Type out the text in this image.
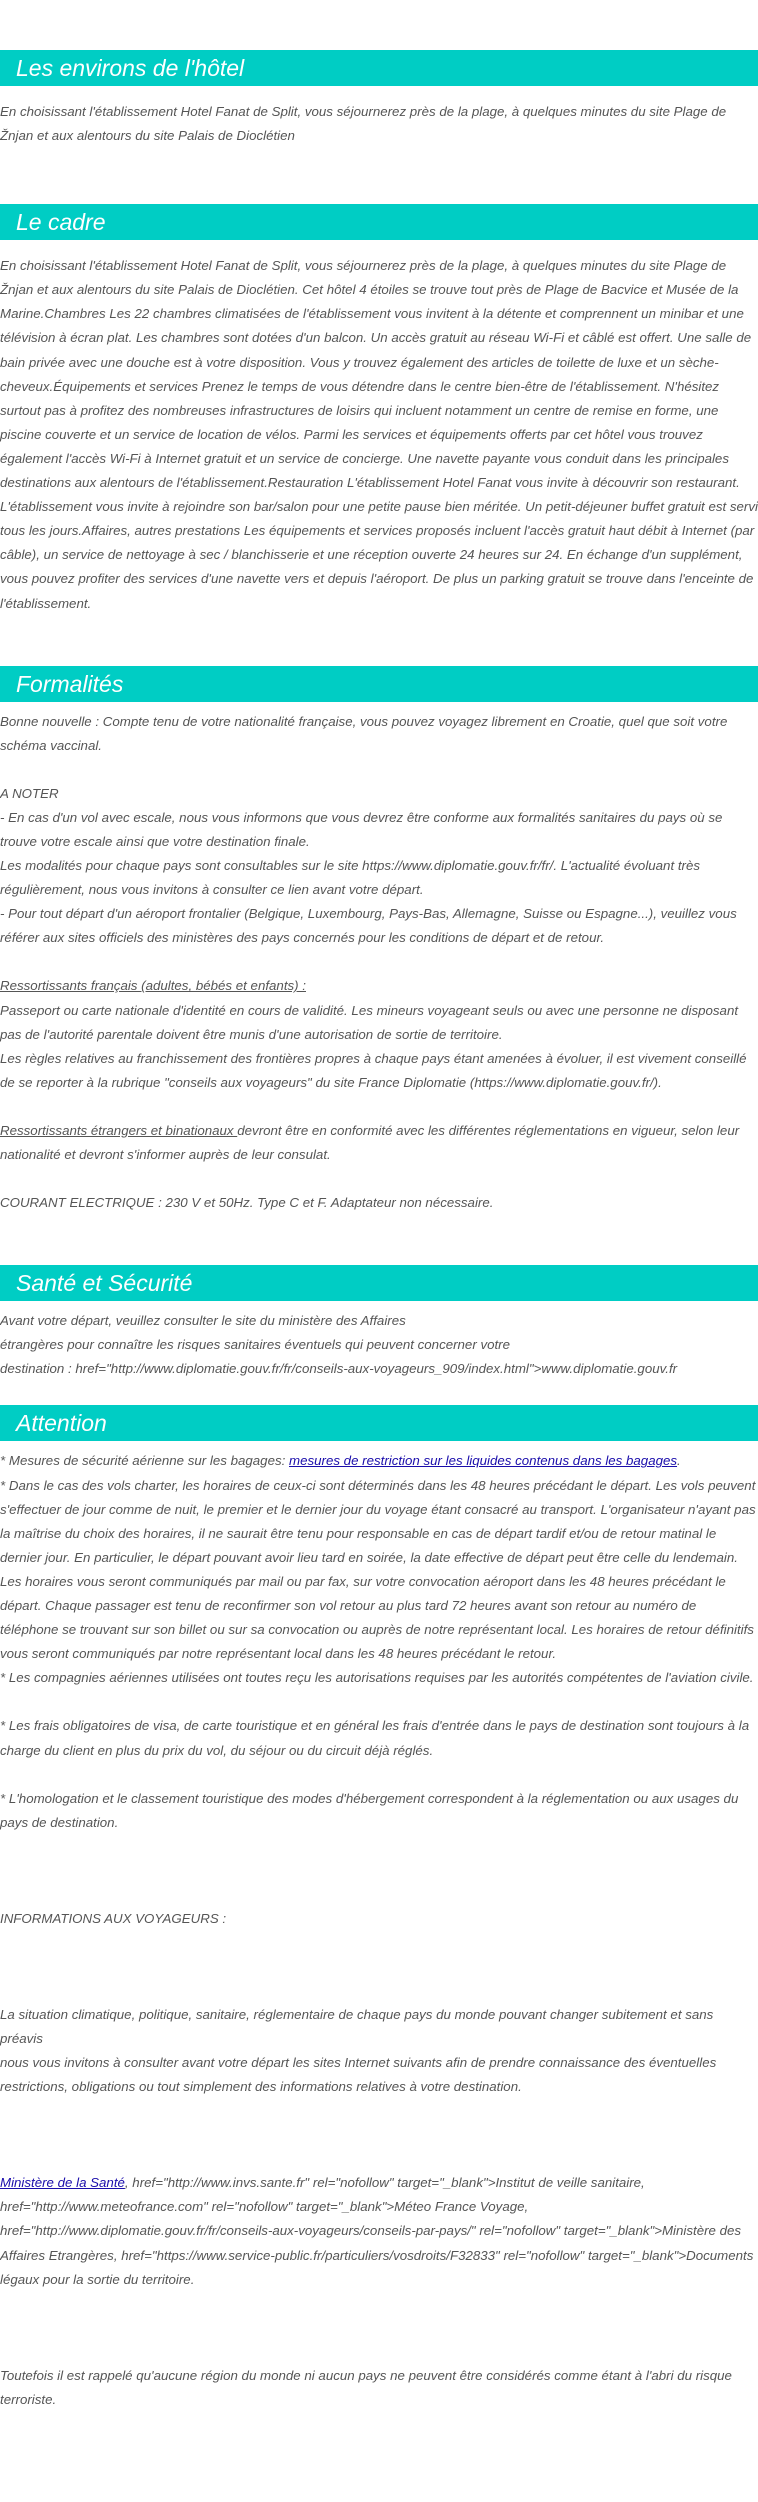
Les environs de l'hôtel

En choisissant l'établissement Hotel Fanat de Split, vous séjournerez près de la plage, à quelques minutes du site Plage de Žnjan et aux alentours du site Palais de Dioclétien

Le cadre

En choisissant l'établissement Hotel Fanat de Split, vous séjournerez près de la plage, à quelques minutes du site Plage de Žnjan et aux alentours du site Palais de Dioclétien. Cet hôtel 4 étoiles se trouve tout près de Plage de Bacvice et Musée de la Marine.Chambres Les 22 chambres climatisées de l'établissement vous invitent à la détente et comprennent un minibar et une télévision à écran plat. Les chambres sont dotées d'un balcon. Un accès gratuit au réseau Wi-Fi et câblé est offert. Une salle de bain privée avec une douche est à votre disposition. Vous y trouvez également des articles de toilette de luxe et un sèche-cheveux.Équipements et services Prenez le temps de vous détendre dans le centre bien-être de l'établissement. N'hésitez surtout pas à profitez des nombreuses infrastructures de loisirs qui incluent notamment un centre de remise en forme, une piscine couverte et un service de location de vélos. Parmi les services et équipements offerts par cet hôtel vous trouvez également l'accès Wi-Fi à Internet gratuit et un service de concierge. Une navette payante vous conduit dans les principales destinations aux alentours de l'établissement.Restauration L'établissement Hotel Fanat vous invite à découvrir son restaurant. L'établissement vous invite à rejoindre son bar/salon pour une petite pause bien méritée. Un petit-déjeuner buffet gratuit est servi tous les jours.Affaires, autres prestations Les équipements et services proposés incluent l'accès gratuit haut débit à Internet (par câble), un service de nettoyage à sec / blanchisserie et une réception ouverte 24 heures sur 24. En échange d'un supplément, vous pouvez profiter des services d'une navette vers et depuis l'aéroport. De plus un parking gratuit se trouve dans l'enceinte de l'établissement.

Formalités
Bonne nouvelle : Compte tenu de votre nationalité française, vous pouvez voyagez librement en Croatie, quel que soit votre schéma vaccinal.
A NOTER
- En cas d'un vol avec escale, nous vous informons que vous devrez être conforme aux formalités sanitaires du pays où se trouve votre escale ainsi que votre destination finale.
Les modalités pour chaque pays sont consultables sur le site https://www.diplomatie.gouv.fr/fr/. L'actualité évoluant très régulièrement, nous vous invitons à consulter ce lien avant votre départ.
- Pour tout départ d'un aéroport frontalier (Belgique, Luxembourg, Pays-Bas, Allemagne, Suisse ou Espagne...), veuillez vous référer aux sites officiels des ministères des pays concernés pour les conditions de départ et de retour.
Ressortissants français (adultes, bébés et enfants) :
Passeport ou carte nationale d'identité en cours de validité. Les mineurs voyageant seuls ou avec une personne ne disposant pas de l'autorité parentale doivent être munis d'une autorisation de sortie de territoire.
Les règles relatives au franchissement des frontières propres à chaque pays étant amenées à évoluer, il est vivement conseillé de se reporter à la rubrique "conseils aux voyageurs" du site France Diplomatie (https://www.diplomatie.gouv.fr/).
Ressortissants étrangers et binationaux devront être en conformité avec les différentes réglementations en vigueur, selon leur nationalité et devront s'informer auprès de leur consulat.
COURANT ELECTRIQUE : 230 V et 50Hz. Type C et F. Adaptateur non nécessaire.
Santé et Sécurité
Avant votre départ, veuillez consulter le site du ministère des Affaires
étrangères pour connaître les risques sanitaires éventuels qui peuvent concerner votre
destination : href="http://www.diplomatie.gouv.fr/fr/conseils-aux-voyageurs_909/index.html">www.diplomatie.gouv.fr
Attention
* Mesures de sécurité aérienne sur les bagages: mesures de restriction sur les liquides contenus dans les bagages.
* Dans le cas des vols charter, les horaires de ceux-ci sont déterminés dans les 48 heures précédant le départ. Les vols peuvent s'effectuer de jour comme de nuit, le premier et le dernier jour du voyage étant consacré au transport. L'organisateur n'ayant pas la maîtrise du choix des horaires, il ne saurait être tenu pour responsable en cas de départ tardif et/ou de retour matinal le dernier jour. En particulier, le départ pouvant avoir lieu tard en soirée, la date effective de départ peut être celle du lendemain. Les horaires vous seront communiqués par mail ou par fax, sur votre convocation aéroport dans les 48 heures précédant le départ. Chaque passager est tenu de reconfirmer son vol retour au plus tard 72 heures avant son retour au numéro de téléphone se trouvant sur son billet ou sur sa convocation ou auprès de notre représentant local. Les horaires de retour définitifs vous seront communiqués par notre représentant local dans les 48 heures précédant le retour.
* Les compagnies aériennes utilisées ont toutes reçu les autorisations requises par les autorités compétentes de l'aviation civile.
* Les frais obligatoires de visa, de carte touristique et en général les frais d'entrée dans le pays de destination sont toujours à la charge du client en plus du prix du vol, du séjour ou du circuit déjà réglés.
* L'homologation et le classement touristique des modes d'hébergement correspondent à la réglementation ou aux usages du pays de destination.
INFORMATIONS AUX VOYAGEURS :
La situation climatique, politique, sanitaire, réglementaire de chaque pays du monde pouvant changer subitement et sans préavis
nous vous invitons à consulter avant votre départ les sites Internet suivants afin de prendre connaissance des éventuelles restrictions, obligations ou tout simplement des informations relatives à votre destination.
Ministère de la Santé, href="http://www.invs.sante.fr" rel="nofollow" target="_blank">Institut de veille sanitaire, href="http://www.meteofrance.com" rel="nofollow" target="_blank">Méteo France Voyage, href="http://www.diplomatie.gouv.fr/fr/conseils-aux-voyageurs/conseils-par-pays/" rel="nofollow" target="_blank">Ministère des Affaires Etrangères, href="https://www.service-public.fr/particuliers/vosdroits/F32833" rel="nofollow" target="_blank">Documents légaux pour la sortie du territoire.
Toutefois il est rappelé qu'aucune région du monde ni aucun pays ne peuvent être considérés comme étant à l'abri du risque terroriste.
